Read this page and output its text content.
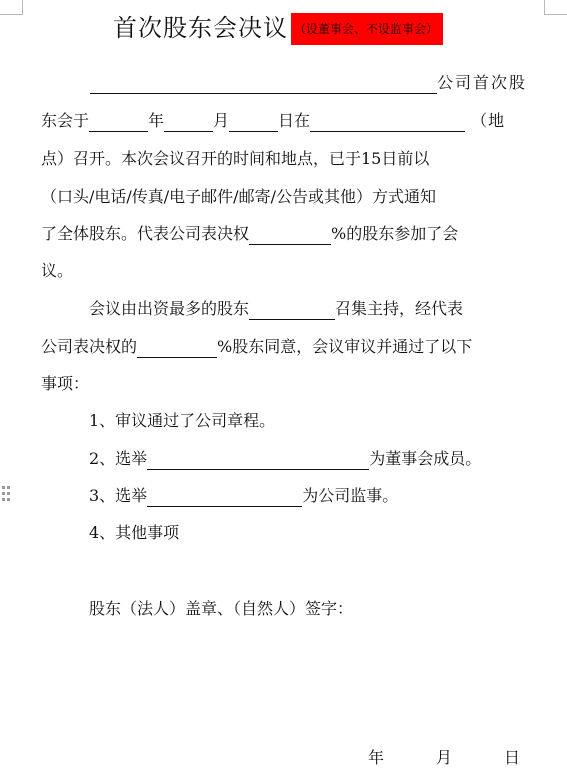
首次股东会决议 （设董事会、不设监事会）
公司首次股
东会于	年	月	日在	（地
点）召开。本次会议召开的时间和地点，已于15日前以
（口头/电话/传真/电子邮件/邮寄/公告或其他）方式通知
了全体股东。代表公司表决权	%的股东参加了会
议。
会议由出资最多的股东	召集主持，经代表
公司表决权的	%股东同意，会议审议并通过了以下
事项：
1、审议通过了公司章程。
2、选举	为董事会成员。
3、选举	为公司监事。
4、其他事项
股东（法人）盖章、（自然人）签字：
年	月	日
